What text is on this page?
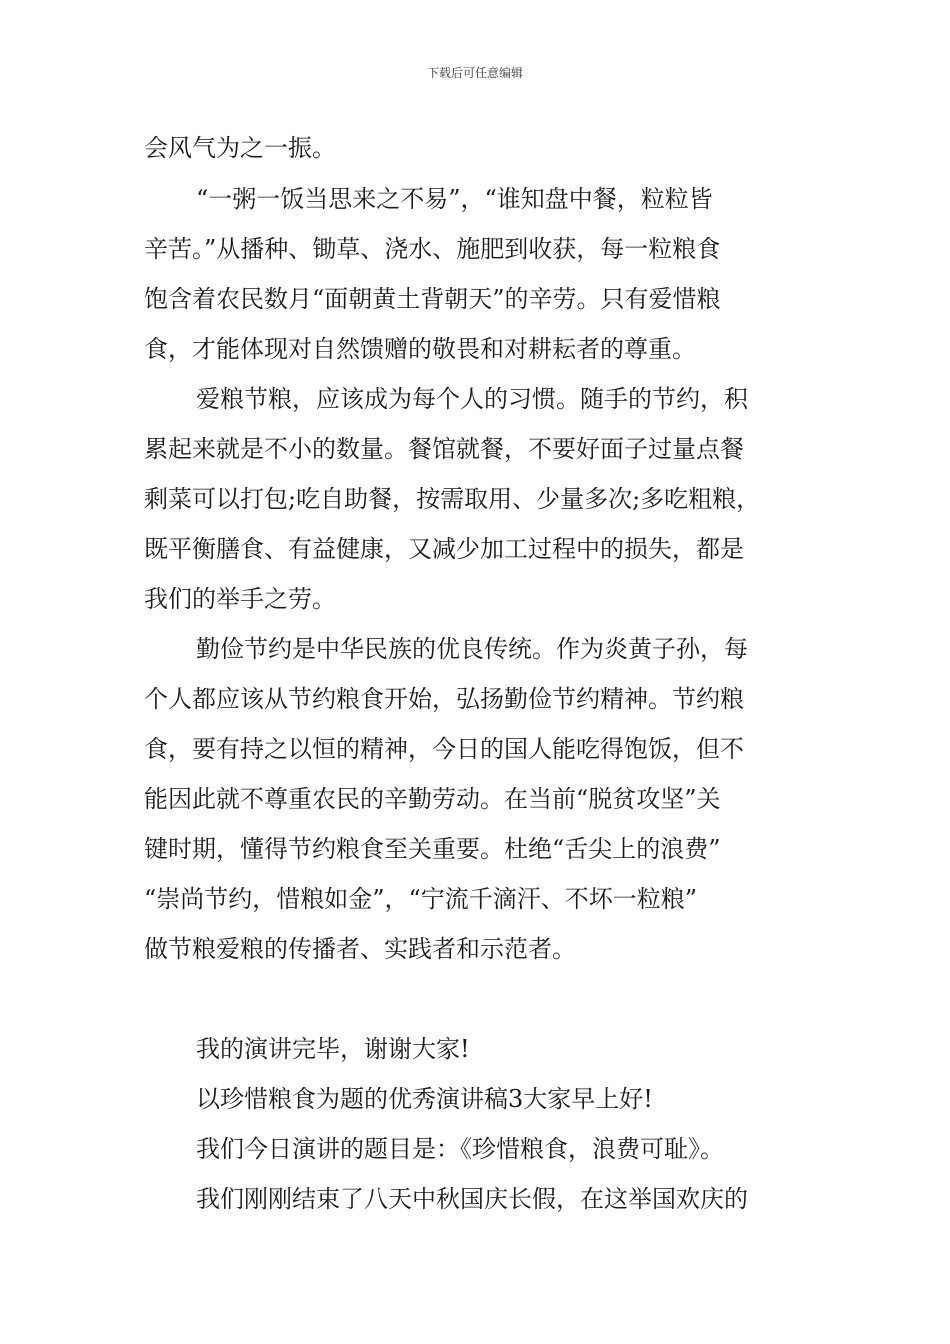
下载后可任意编辑
会风气为之一振。
“一粥一饭当思来之不易”，“谁知盘中餐，粒粒皆
辛苦。”从播种、锄草、浇水、施肥到收获，每一粒粮食
饱含着农民数月“面朝黄土背朝天”的辛劳。只有爱惜粮
食，才能体现对自然馈赠的敬畏和对耕耘者的尊重。
爱粮节粮，应该成为每个人的习惯。随手的节约，积
累起来就是不小的数量。餐馆就餐，不要好面子过量点餐
剩菜可以打包;吃自助餐，按需取用、少量多次;多吃粗粮，
既平衡膳食、有益健康，又减少加工过程中的损失，都是
我们的举手之劳。
勤俭节约是中华民族的优良传统。作为炎黄子孙，每
个人都应该从节约粮食开始，弘扬勤俭节约精神。节约粮
食，要有持之以恒的精神，今日的国人能吃得饱饭，但不
能因此就不尊重农民的辛勤劳动。在当前“脱贫攻坚”关
键时期，懂得节约粮食至关重要。杜绝“舌尖上的浪费”
“崇尚节约，惜粮如金”，“宁流千滴汗、不坏一粒粮”
做节粮爱粮的传播者、实践者和示范者。
我的演讲完毕，谢谢大家!
以珍惜粮食为题的优秀演讲稿3大家早上好!
我们今日演讲的题目是：《珍惜粮食，浪费可耻》。
我们刚刚结束了八天中秋国庆长假，在这举国欢庆的
